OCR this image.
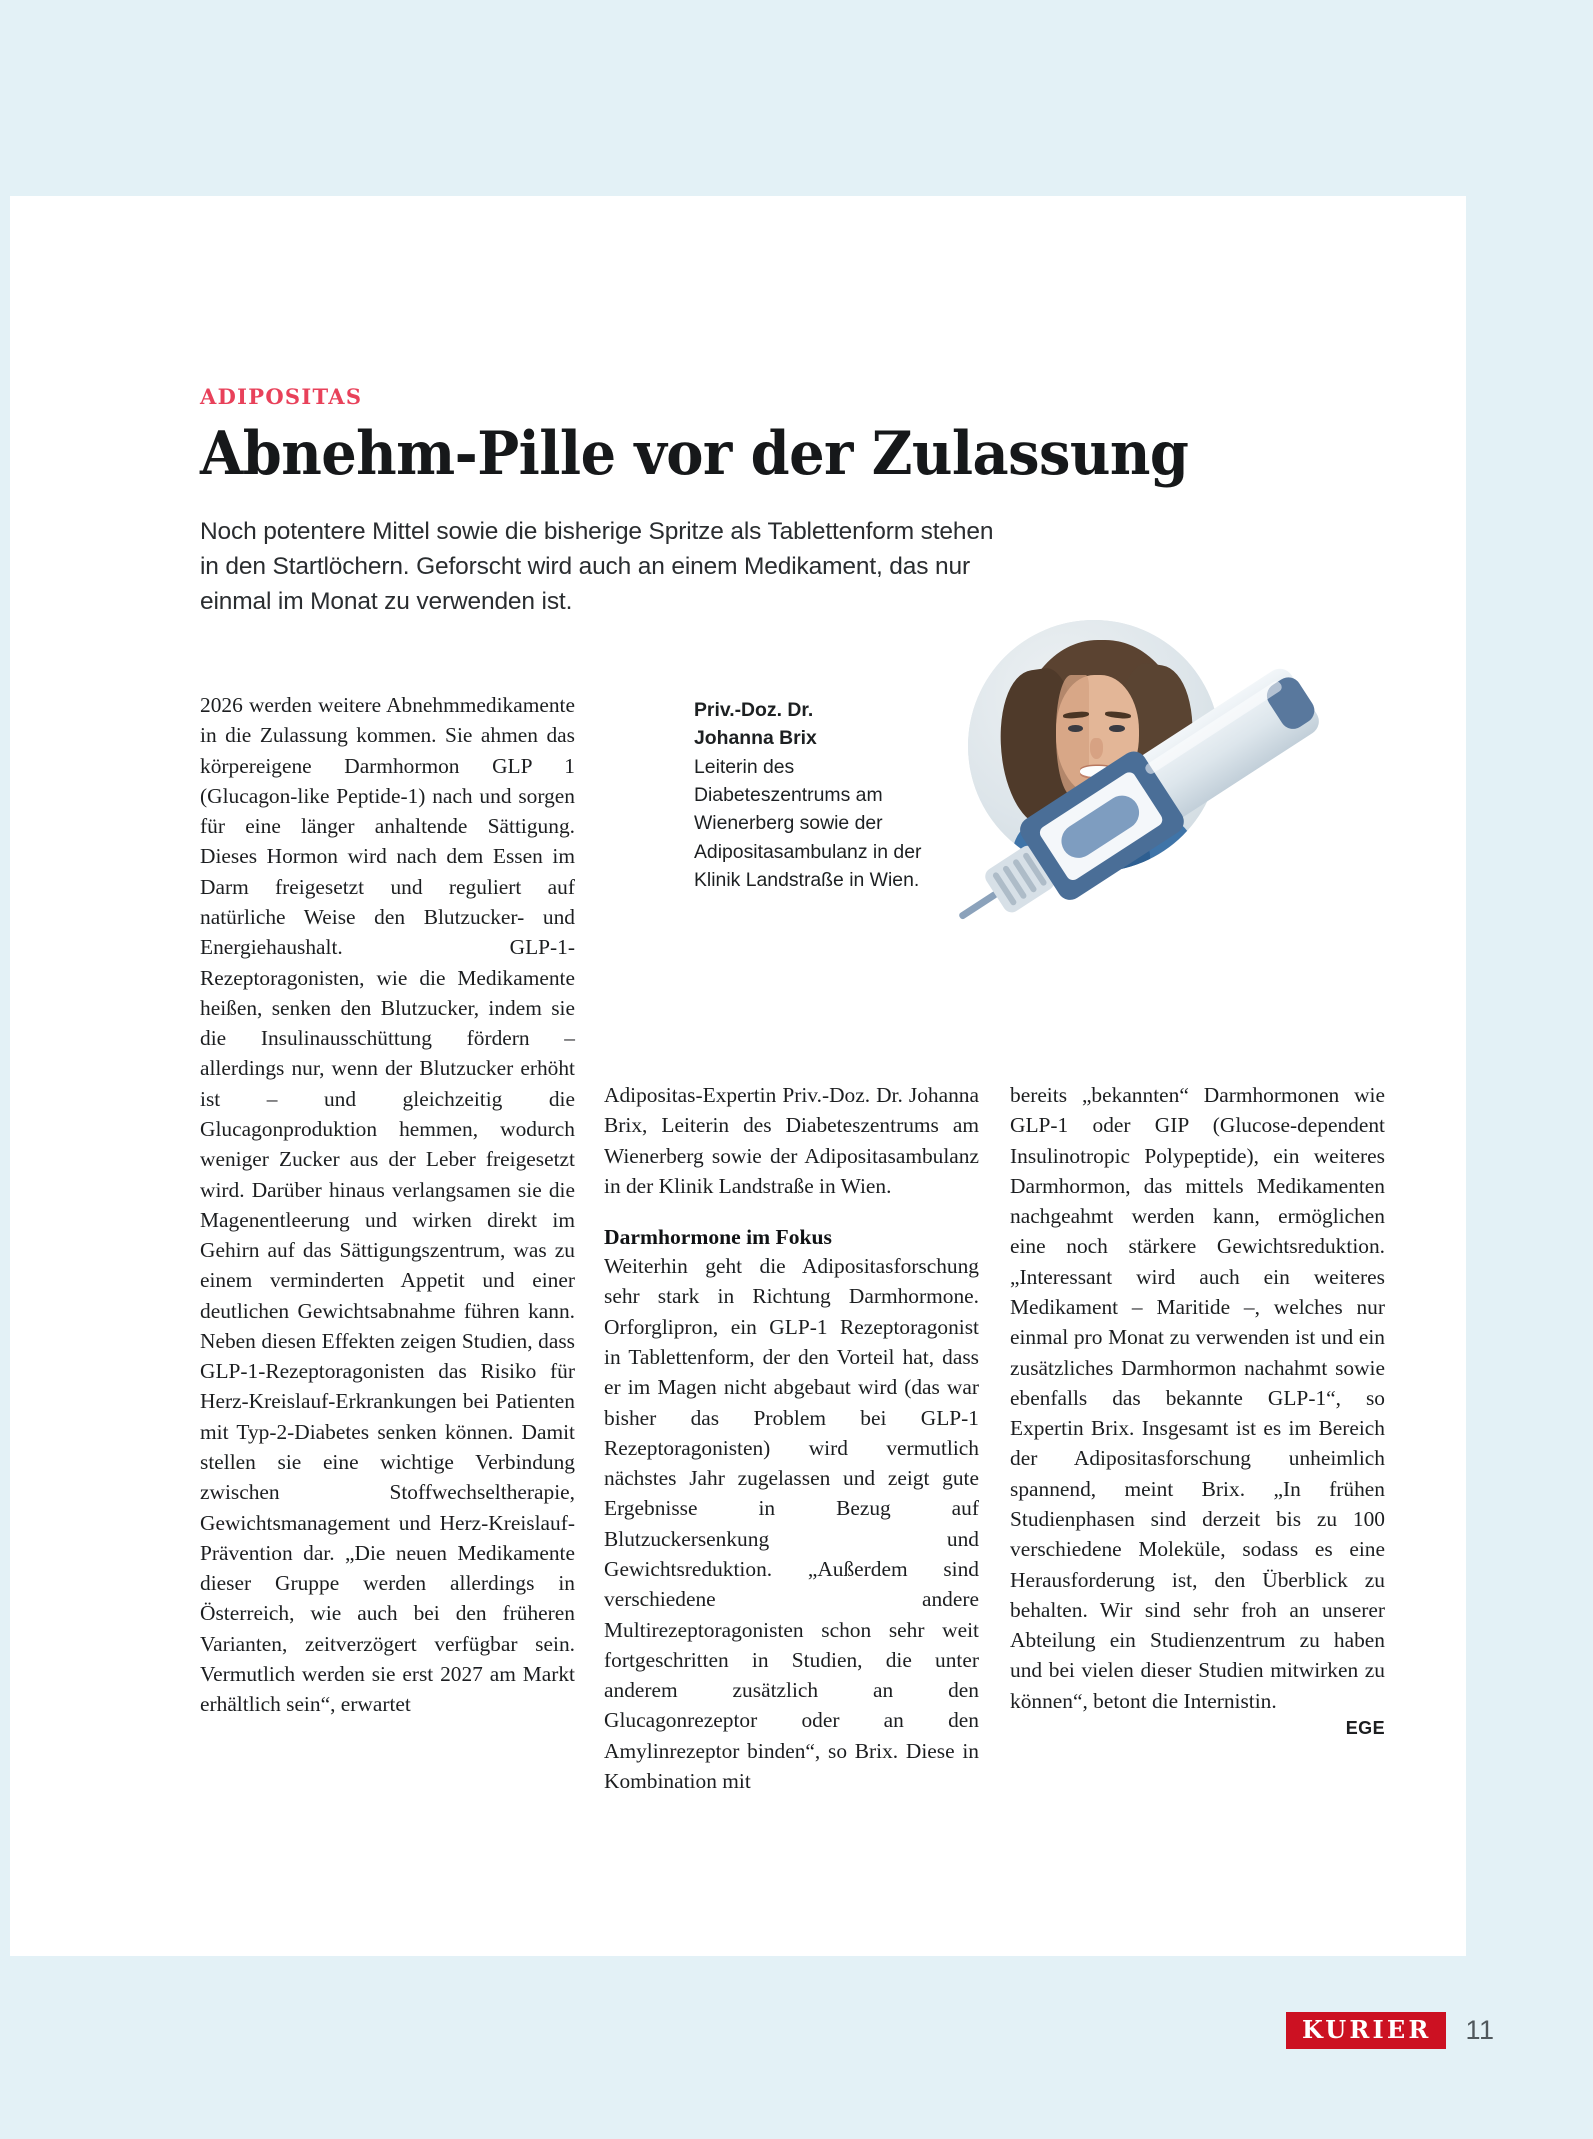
ADIPOSITAS
Abnehm-Pille vor der Zulassung

Noch potentere Mittel sowie die bisherige Spritze als Tablettenform stehen in den Startlöchern. Geforscht wird auch an einem Medikament, das nur einmal im Monat zu verwenden ist.

Priv.-Doz. Dr.
Johanna Brix
Leiterin des Diabeteszentrums am Wienerberg sowie der Adipositasambulanz in der Klinik Landstraße in Wien.

2026 werden weitere Abnehmmedikamente in die Zulassung kommen. Sie ahmen das körpereigene Darmhormon GLP 1 (Glucagon-like Peptide-1) nach und sorgen für eine länger anhaltende Sättigung. Dieses Hormon wird nach dem Essen im Darm freigesetzt und reguliert auf natürliche Weise den Blutzucker- und Energiehaushalt. GLP-1-Rezeptoragonisten, wie die Medikamente heißen, senken den Blutzucker, indem sie die Insulinausschüttung fördern – allerdings nur, wenn der Blutzucker erhöht ist – und gleichzeitig die Glucagonproduktion hemmen, wodurch weniger Zucker aus der Leber freigesetzt wird. Darüber hinaus verlangsamen sie die Magenentleerung und wirken direkt im Gehirn auf das Sättigungszentrum, was zu einem verminderten Appetit und einer deutlichen Gewichtsabnahme führen kann. Neben diesen Effekten zeigen Studien, dass GLP-1-Rezeptoragonisten das Risiko für Herz-Kreislauf-Erkrankungen bei Patienten mit Typ-2-Diabetes senken können. Damit stellen sie eine wichtige Verbindung zwischen Stoffwechseltherapie, Gewichtsmanagement und Herz-Kreislauf-Prävention dar. „Die neuen Medikamente dieser Gruppe werden allerdings in Österreich, wie auch bei den früheren Varianten, zeitverzögert verfügbar sein. Vermutlich werden sie erst 2027 am Markt erhältlich sein“, erwartet

Adipositas-Expertin Priv.-Doz. Dr. Johanna Brix, Leiterin des Diabeteszentrums am Wienerberg sowie der Adipositasambulanz in der Klinik Landstraße in Wien.

Darmhormone im Fokus

Weiterhin geht die Adipositasforschung sehr stark in Richtung Darmhormone. Orforglipron, ein GLP-1 Rezeptoragonist in Tablettenform, der den Vorteil hat, dass er im Magen nicht abgebaut wird (das war bisher das Problem bei GLP-1 Rezeptoragonisten) wird vermutlich nächstes Jahr zugelassen und zeigt gute Ergebnisse in Bezug auf Blutzuckersenkung und Gewichtsreduktion. „Außerdem sind verschiedene andere Multirezeptoragonisten schon sehr weit fortgeschritten in Studien, die unter anderem zusätzlich an den Glucagonrezeptor oder an den Amylinrezeptor binden“, so Brix. Diese in Kombination mit

bereits „bekannten“ Darmhormonen wie GLP-1 oder GIP (Glucose-dependent Insulinotropic Polypeptide), ein weiteres Darmhormon, das mittels Medikamenten nachgeahmt werden kann, ermöglichen eine noch stärkere Gewichtsreduktion. „Interessant wird auch ein weiteres Medikament – Maritide –, welches nur einmal pro Monat zu verwenden ist und ein zusätzliches Darmhormon nachahmt sowie ebenfalls das bekannte GLP-1“, so Expertin Brix. Insgesamt ist es im Bereich der Adipositasforschung unheimlich spannend, meint Brix. „In frühen Studienphasen sind derzeit bis zu 100 verschiedene Moleküle, sodass es eine Herausforderung ist, den Überblick zu behalten. Wir sind sehr froh an unserer Abteilung ein Studienzentrum zu haben und bei vielen dieser Studien mitwirken zu können“, betont die Internistin.

EGE

KURIER	11
